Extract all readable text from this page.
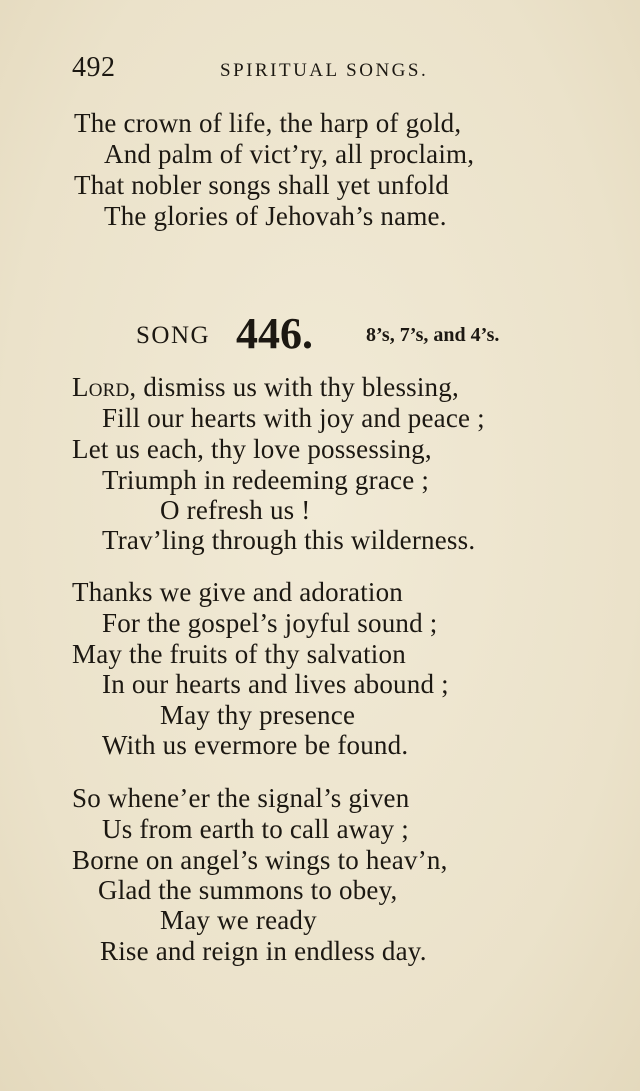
492	SPIRITUAL SONGS.
The crown of life, the harp of gold,
And palm of vict’ry, all proclaim,
That nobler songs shall yet unfold
The glories of Jehovah’s name.
SONG 446.	8’s, 7’s, and 4’s.
Lord, dismiss us with thy blessing,
Fill our hearts with joy and peace ;
Let us each, thy love possessing,
Triumph in redeeming grace ;
O refresh us !
Trav’ling through this wilderness.
Thanks we give and adoration
For the gospel’s joyful sound ;
May the fruits of thy salvation
In our hearts and lives abound ;
May thy presence
With us evermore be found.
So whene’er the signal’s given
Us from earth to call away ;
Borne on angel’s wings to heav’n,
Glad the summons to obey,
May we ready
Rise and reign in endless day.
